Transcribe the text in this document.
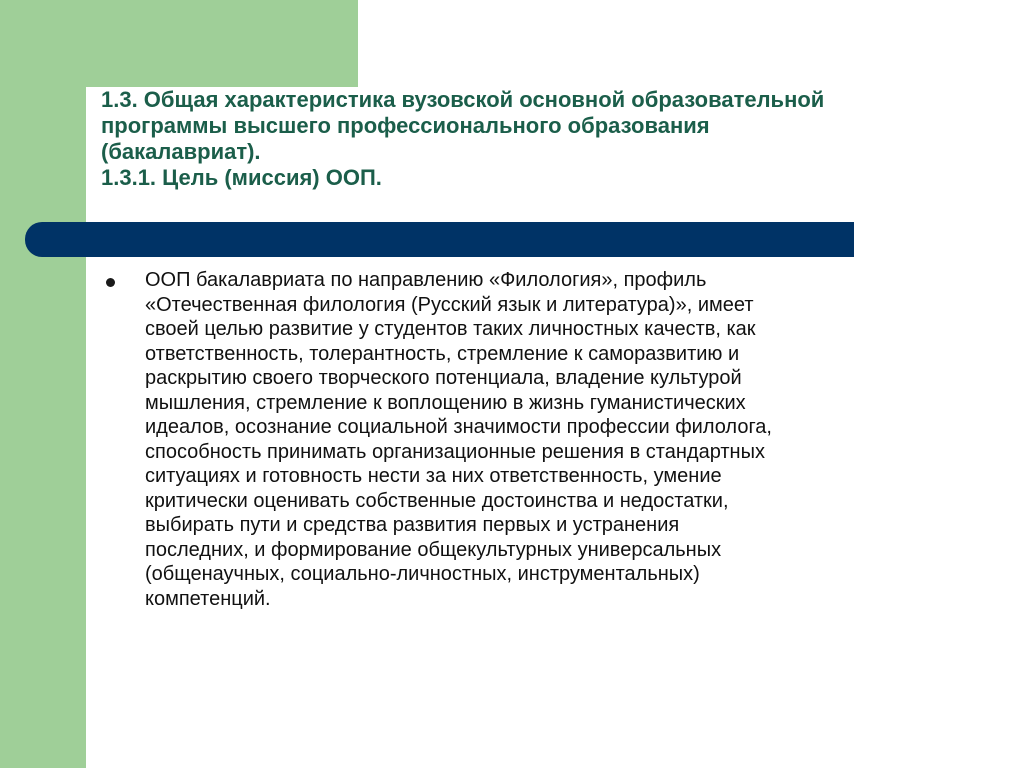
1.3. Общая характеристика вузовской основной образовательной
программы высшего профессионального образования
(бакалавриат).
1.3.1. Цель (миссия) ООП.
ООП бакалавриата по направлению «Филология», профиль
«Отечественная филология (Русский язык и литература)», имеет
своей целью развитие у студентов таких личностных качеств, как
ответственность, толерантность, стремление к саморазвитию и
раскрытию своего творческого потенциала, владение культурой
мышления, стремление к воплощению в жизнь гуманистических
идеалов, осознание социальной значимости профессии филолога,
способность принимать организационные решения в стандартных
ситуациях и готовность нести за них ответственность, умение
критически оценивать собственные достоинства и недостатки,
выбирать пути и средства развития первых и устранения
последних, и формирование общекультурных универсальных
(общенаучных, социально-личностных, инструментальных)
компетенций.
